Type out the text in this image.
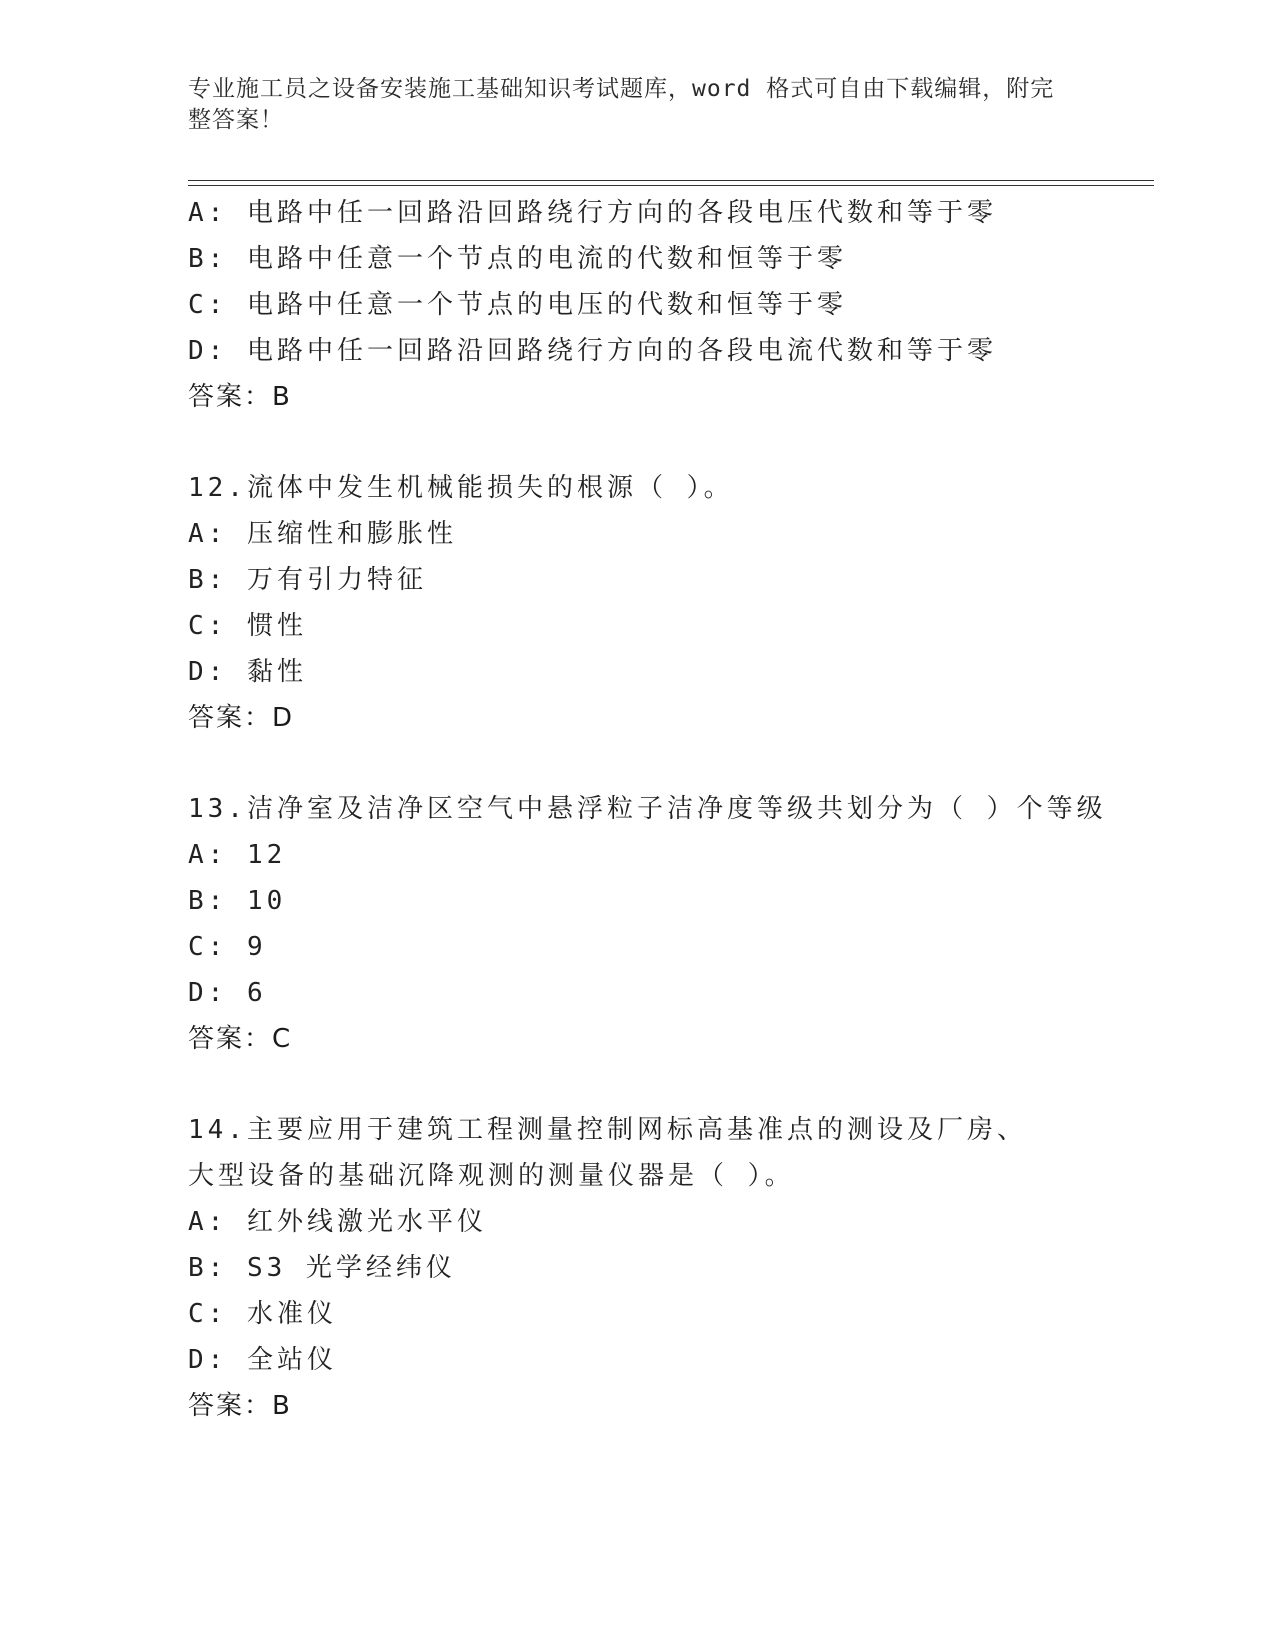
专业施工员之设备安装施工基础知识考试题库，word 格式可自由下载编辑，附完整答案！
A: 电路中任一回路沿回路绕行方向的各段电压代数和等于零
B: 电路中任意一个节点的电流的代数和恒等于零
C: 电路中任意一个节点的电压的代数和恒等于零
D: 电路中任一回路沿回路绕行方向的各段电流代数和等于零
答案：B
12.流体中发生机械能损失的根源（ ）。
A: 压缩性和膨胀性
B: 万有引力特征
C: 惯性
D: 黏性
答案：D
13.洁净室及洁净区空气中悬浮粒子洁净度等级共划分为（ ）个等级
A: 12
B: 10
C: 9
D: 6
答案：C
14.主要应用于建筑工程测量控制网标高基准点的测设及厂房、大型设备的基础沉降观测的测量仪器是（ ）。
A: 红外线激光水平仪
B: S3 光学经纬仪
C: 水准仪
D: 全站仪
答案：B
